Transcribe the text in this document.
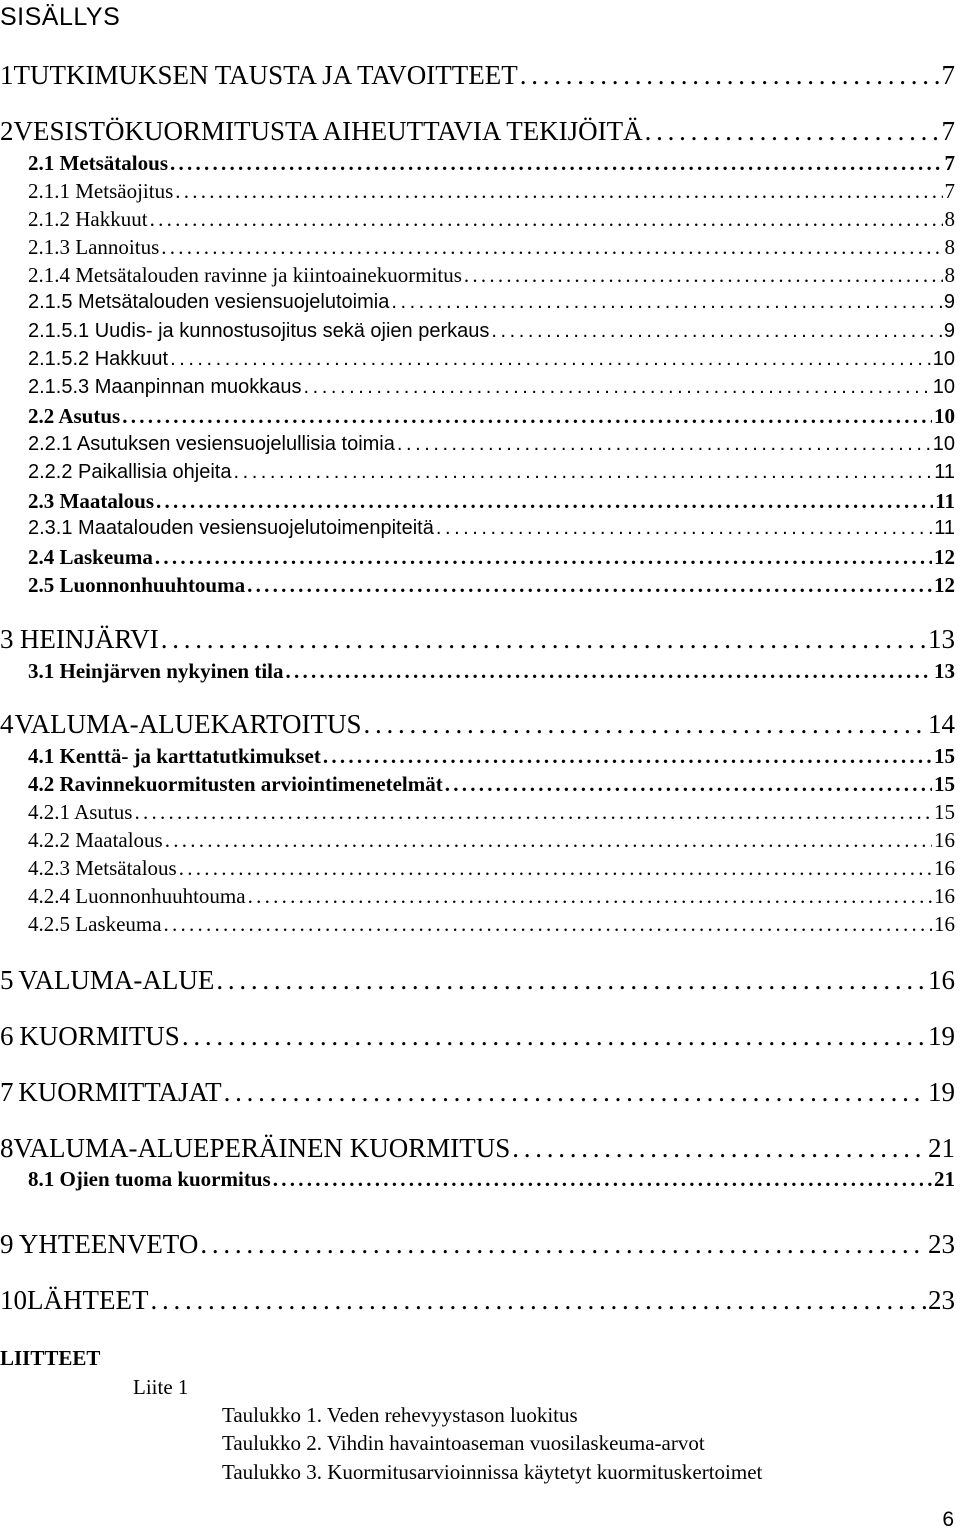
SISÄLLYS
1 TUTKIMUKSEN TAUSTA JA TAVOITTEET . . .	7
2 VESISTÖKUORMITUSTA AIHEUTTAVIA TEKIJÖITÄ . . .	7
2.1 Metsätalous . . .	7
2.1.1 Metsäojitus . . .	7
2.1.2 Hakkuut . . .	8
2.1.3 Lannoitus . . .	8
2.1.4 Metsätalouden ravinne ja kiintoainekuormitus . . .	8
2.1.5 Metsätalouden vesiensuojelutoimia . . .	9
2.1.5.1 Uudis- ja kunnostusojitus sekä ojien perkaus . . .	9
2.1.5.2 Hakkuut . . .	10
2.1.5.3 Maanpinnan muokkaus . . .	10
2.2 Asutus . . .	10
2.2.1 Asutuksen vesiensuojelullisia toimia . . .	10
2.2.2 Paikallisia ohjeita . . .	11
2.3 Maatalous . . .	11
2.3.1 Maatalouden vesiensuojelutoimenpiteitä . . .	11
2.4 Laskeuma . . .	12
2.5 Luonnonhuuhtouma . . .	12
3 HEINJÄRVI . . .	13
3.1 Heinjärven nykyinen tila . . .	13
4 VALUMA-ALUEKARTOITUS . . .	14
4.1 Kenttä- ja karttatutkimukset . . .	15
4.2 Ravinnekuormitusten arviointimenetelmät . . .	15
4.2.1 Asutus . . .	15
4.2.2 Maatalous . . .	16
4.2.3 Metsätalous . . .	16
4.2.4 Luonnonhuuhtouma . . .	16
4.2.5 Laskeuma . . .	16
5 VALUMA-ALUE . . .	16
6 KUORMITUS . . .	19
7 KUORMITTAJAT . . .	19
8 VALUMA-ALUEPERÄINEN KUORMITUS . . .	21
8.1 Ojien tuoma kuormitus . . .	21
9 YHTEENVETO . . .	23
10 LÄHTEET . . .	23
LIITTEET
Liite 1
Taulukko 1. Veden rehevyystason luokitus
Taulukko 2. Vihdin havaintoaseman vuosilaskeuma-arvot
Taulukko 3. Kuormitusarvioinnissa käytetyt kuormituskertoimet
6
